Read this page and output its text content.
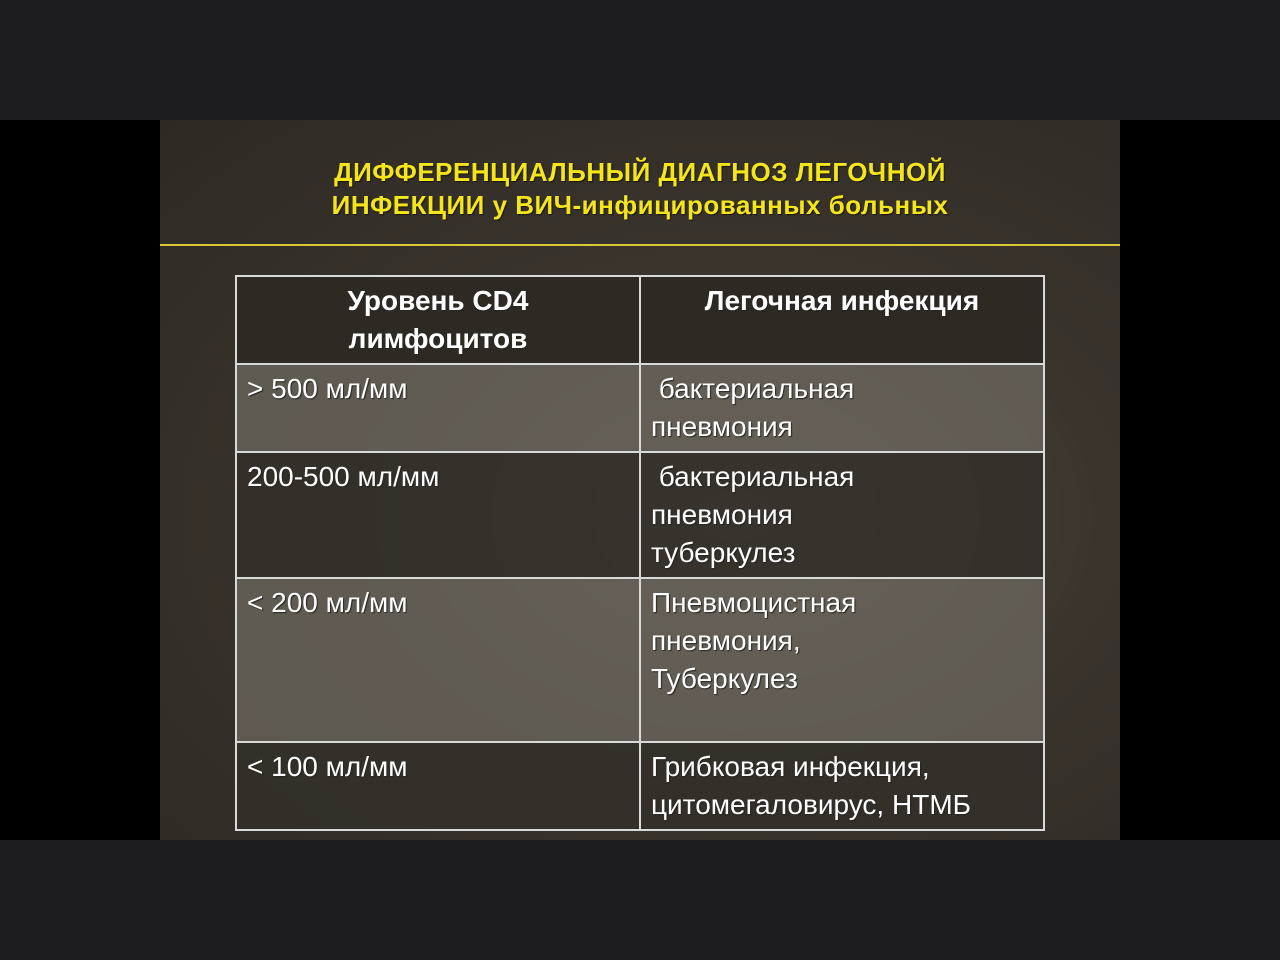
ДИФФЕРЕНЦИАЛЬНЫЙ ДИАГНОЗ ЛЕГОЧНОЙ
ИНФЕКЦИИ у ВИЧ-инфицированных больных
Уровень CD4
лимфоцитов	Легочная инфекция

> 500 мл/мм	бактериальная
пневмония

200-500 мл/мм	бактериальная
пневмония
туберкулез

< 200 мл/мм	Пневмоцистная
пневмония,
Туберкулез

< 100 мл/мм	Грибковая инфекция,
цитомегаловирус, НТМБ
